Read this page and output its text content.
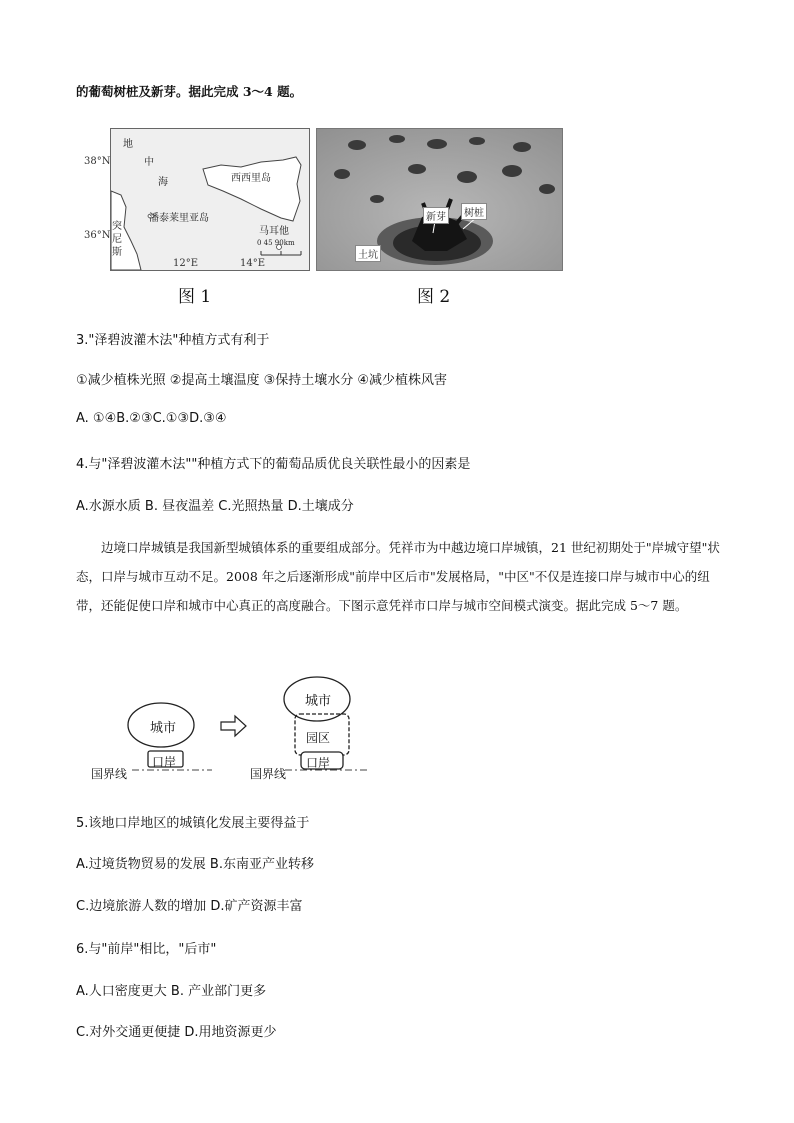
的葡萄树桩及新芽。据此完成 3～4 题。
38°N
36°N
地
中
海	西西里岛
潘泰莱里亚岛
马耳他
突
尼
斯
0 45 90km
12°E	14°E
图 1
新芽	树桩
土坑
图 2
3."泽碧波灌木法"种植方式有利于
①减少植株光照 ②提高土壤温度 ③保持土壤水分 ④减少植株风害
A. ①④B.②③C.①③D.③④
4.与"泽碧波灌木法""种植方式下的葡萄品质优良关联性最小的因素是
A.水源水质 B. 昼夜温差 C.光照热量 D.土壤成分
边境口岸城镇是我国新型城镇体系的重要组成部分。凭祥市为中越边境口岸城镇，21 世纪初期处于"岸城守望"状态，口岸与城市互动不足。2008 年之后逐渐形成"前岸中区后市"发展格局，"中区"不仅是连接口岸与城市中心的纽带，还能促使口岸和城市中心真正的高度融合。下图示意凭祥市口岸与城市空间模式演变。据此完成 5～7 题。
城市
口岸
国界线
城市
园区
口岸
国界线
5.该地口岸地区的城镇化发展主要得益于
A.过境货物贸易的发展 B.东南亚产业转移
C.边境旅游人数的增加 D.矿产资源丰富
6.与"前岸"相比，"后市"
A.人口密度更大 B. 产业部门更多
C.对外交通更便捷 D.用地资源更少
